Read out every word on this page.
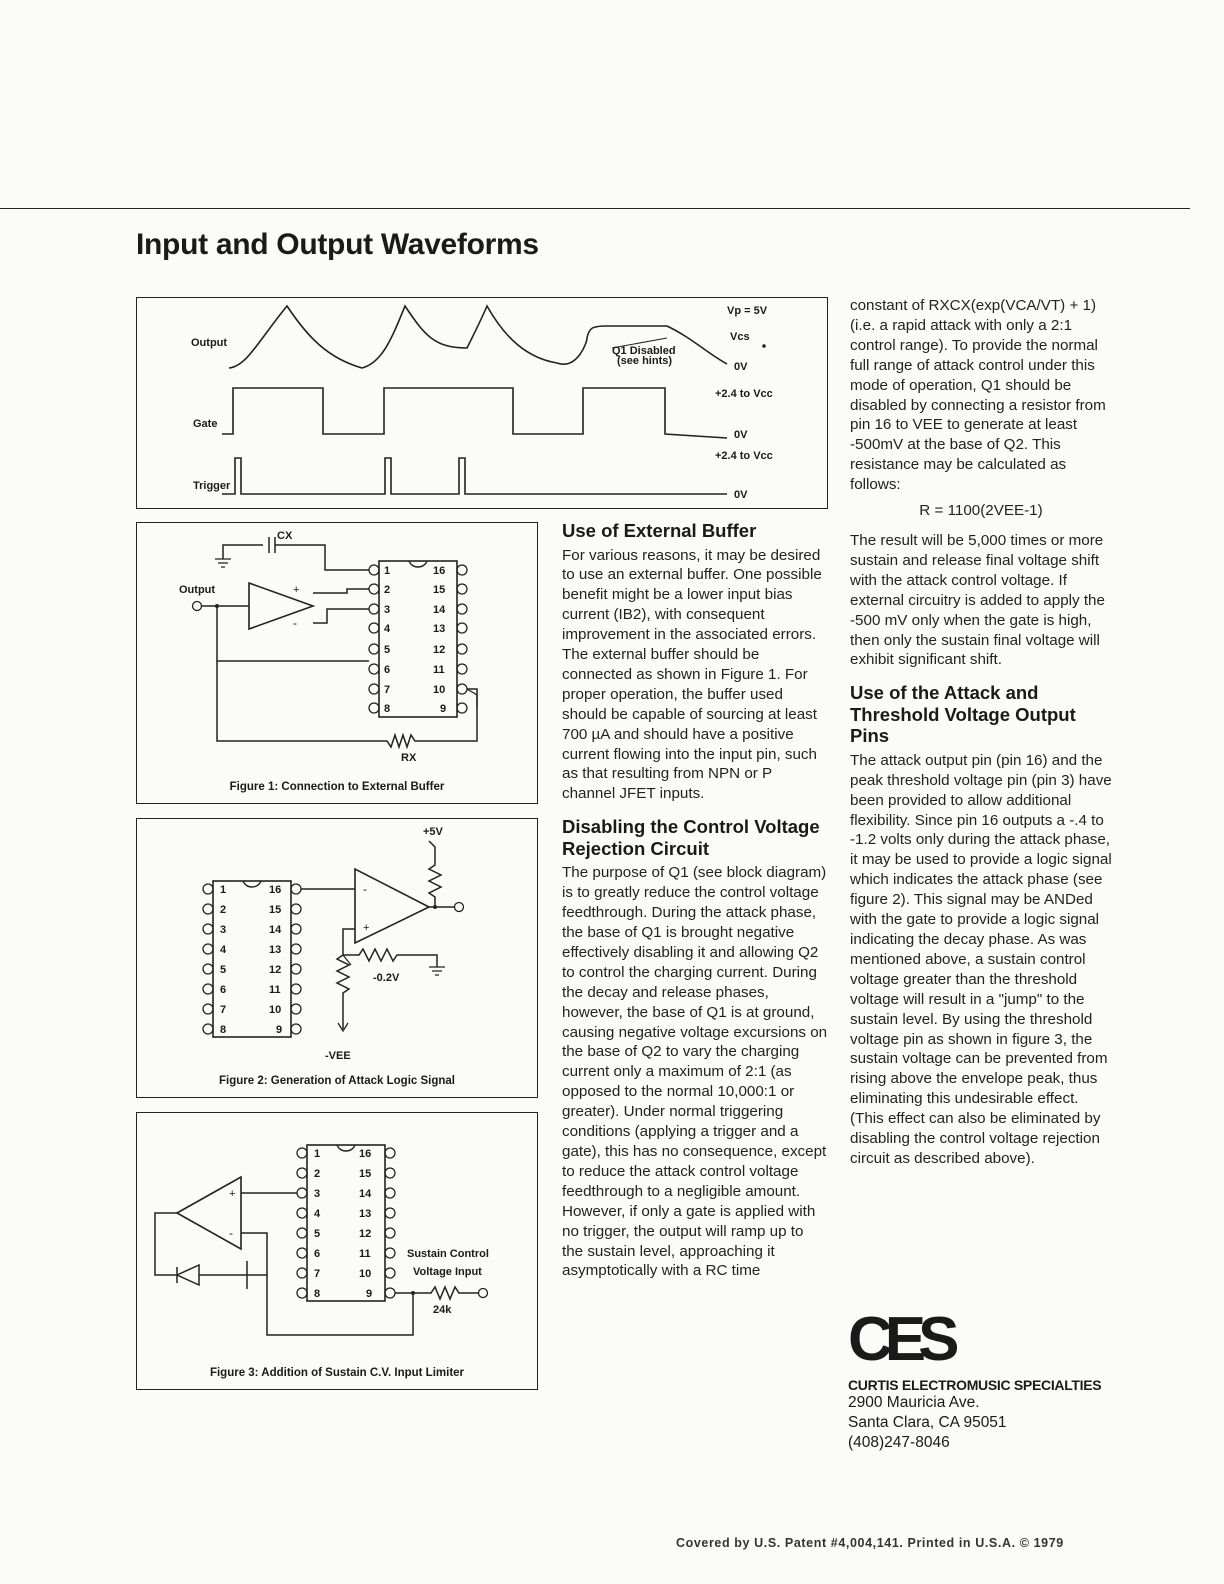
Input and Output Waveforms
Output
Q1 Disabled
(see hints)
Vp = 5V
Vcs
0V
Gate
+2.4 to Vcc
0V
Trigger
+2.4 to Vcc
0V
1
2
3
4
5
6
7
8
16
15
14
13
12
11
10
9
+
-
CX
Output
RX
Figure 1: Connection to External Buffer
1
2
3
4
5
6
7
8
16
15
14
13
12
11
10
9
-
+
+5V
-0.2V
-VEE
Figure 2: Generation of Attack Logic Signal
1
2
3
4
5
6
7
8
16
15
14
13
12
11
10
9
+
-
Sustain Control
Voltage Input
24k
Figure 3: Addition of Sustain C.V. Input Limiter
Use of External Buffer

For various reasons, it may be desired to use an external buffer. One possible benefit might be a lower input bias current (IB2), with consequent improvement in the associated errors. The external buffer should be connected as shown in Figure 1. For proper operation, the buffer used should be capable of sourcing at least 700 µA and should have a positive current flowing into the input pin, such as that resulting from NPN or P channel JFET inputs.

Disabling the Control Voltage Rejection Circuit

The purpose of Q1 (see block diagram) is to greatly reduce the control voltage feedthrough. During the attack phase, the base of Q1 is brought negative effectively disabling it and allowing Q2 to control the charging current. During the decay and release phases, however, the base of Q1 is at ground, causing negative voltage excursions on the base of Q2 to vary the charging current only a maximum of 2:1 (as opposed to the normal 10,000:1 or greater). Under normal triggering conditions (applying a trigger and a gate), this has no consequence, except to reduce the attack control voltage feedthrough to a negligible amount. However, if only a gate is applied with no trigger, the output will ramp up to the sustain level, approaching it asymptotically with a RC time

constant of RXCX(exp(VCA/VT) + 1) (i.e. a rapid attack with only a 2:1 control range). To provide the normal full range of attack control under this mode of operation, Q1 should be disabled by connecting a resistor from pin 16 to VEE to generate at least -500mV at the base of Q2. This resistance may be calculated as follows:

R = 1100(2VEE-1)

The result will be 5,000 times or more sustain and release final voltage shift with the attack control voltage. If external circuitry is added to apply the -500 mV only when the gate is high, then only the sustain final voltage will exhibit significant shift.

Use of the Attack and Threshold Voltage Output Pins

The attack output pin (pin 16) and the peak threshold voltage pin (pin 3) have been provided to allow additional flexibility. Since pin 16 outputs a -.4 to -1.2 volts only during the attack phase, it may be used to provide a logic signal which indicates the attack phase (see figure 2). This signal may be ANDed with the gate to provide a logic signal indicating the decay phase. As was mentioned above, a sustain control voltage greater than the threshold voltage will result in a "jump" to the sustain level. By using the threshold voltage pin as shown in figure 3, the sustain voltage can be prevented from rising above the envelope peak, thus eliminating this undesirable effect. (This effect can also be eliminated by disabling the control voltage rejection circuit as described above).

CES
CURTIS ELECTROMUSIC SPECIALTIES
2900 Mauricia Ave.
Santa Clara, CA 95051
(408)247-8046
Covered by U.S. Patent #4,004,141. Printed in U.S.A. © 1979
